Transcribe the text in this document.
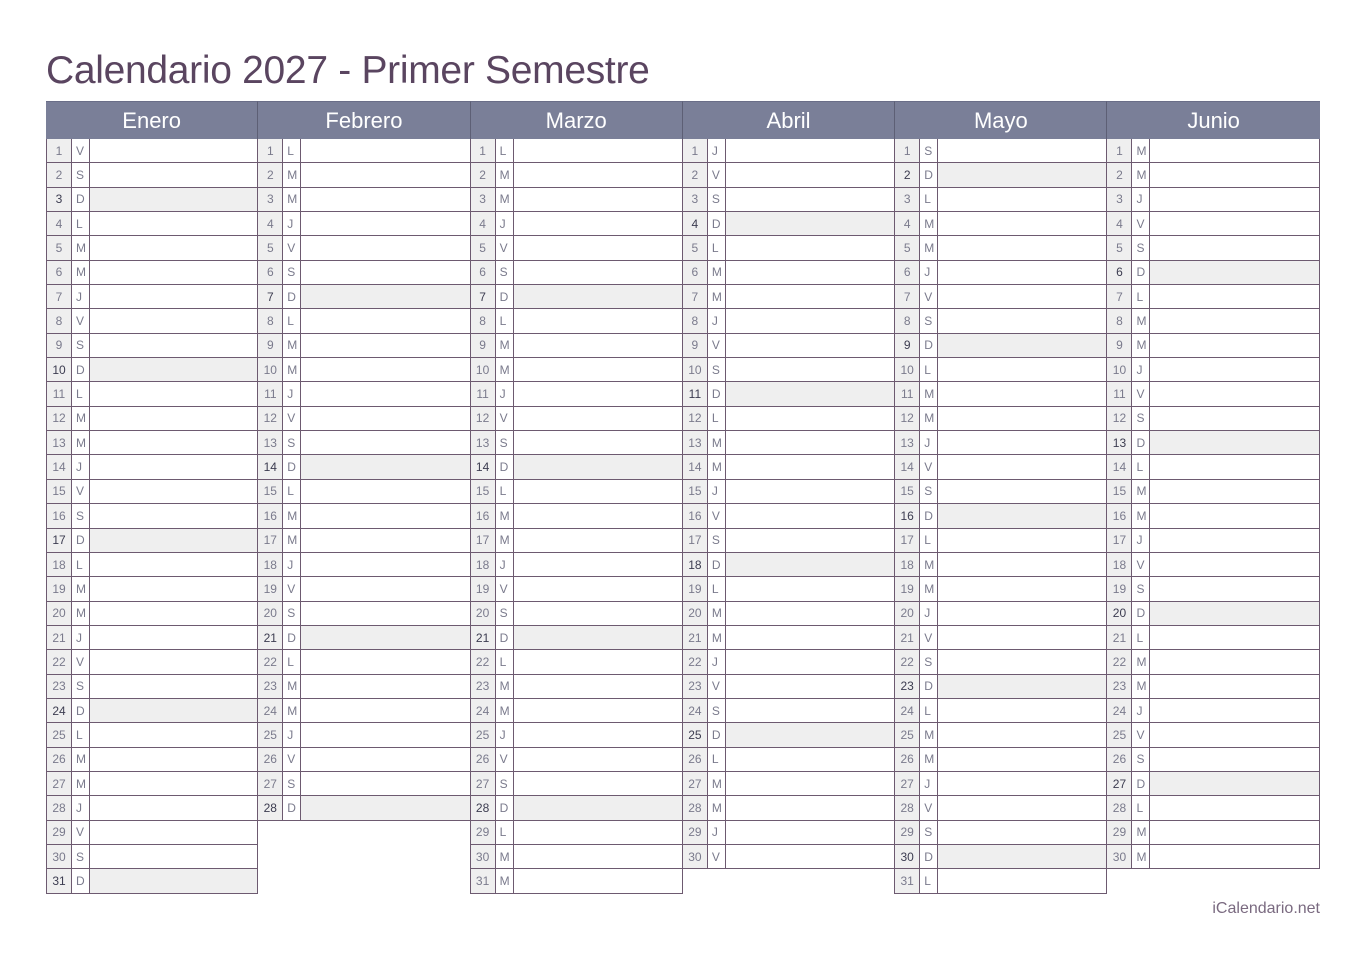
Calendario 2027 - Primer Semestre
Enero
1	V
2	S
3	D
4	L
5	M
6	M
7	J
8	V
9	S
10 D
11 L
12 M
13 M
14 J
15 V
16 S
17 D
18 L
19 M
20 M
21 J
22 V
23 S
24 D
25 L
26 M
27 M
28 J
29 V
30 S
31 D
Febrero
1	L
2	M
3	M
4	J
5	V
6	S
7	D
8	L
9	M
10 M
11 J
12 V
13 S
14 D
15 L
16 M
17 M
18 J
19 V
20 S
21 D
22 L
23 M
24 M
25 J
26 V
27 S
28 D
Marzo
1	L
2	M
3	M
4	J
5	V
6	S
7	D
8	L
9	M
10 M
11 J
12 V
13 S
14 D
15 L
16 M
17 M
18 J
19 V
20 S
21 D
22 L
23 M
24 M
25 J
26 V
27 S
28 D
29 L
30 M
31 M
Abril
1	J
2	V
3	S
4	D
5	L
6	M
7	M
8	J
9	V
10 S
11 D
12 L
13 M
14 M
15 J
16 V
17 S
18 D
19 L
20 M
21 M
22 J
23 V
24 S
25 D
26 L
27 M
28 M
29 J
30 V
Mayo
1	S
2	D
3	L
4	M
5	M
6	J
7	V
8	S
9	D
10 L
11 M
12 M
13 J
14 V
15 S
16 D
17 L
18 M
19 M
20 J
21 V
22 S
23 D
24 L
25 M
26 M
27 J
28 V
29 S
30 D
31 L
Junio
1	M
2	M
3	J
4	V
5	S
6	D
7	L
8	M
9	M
10 J
11 V
12 S
13 D
14 L
15 M
16 M
17 J
18 V
19 S
20 D
21 L
22 M
23 M
24 J
25 V
26 S
27 D
28 L
29 M
30 M
iCalendario.net
